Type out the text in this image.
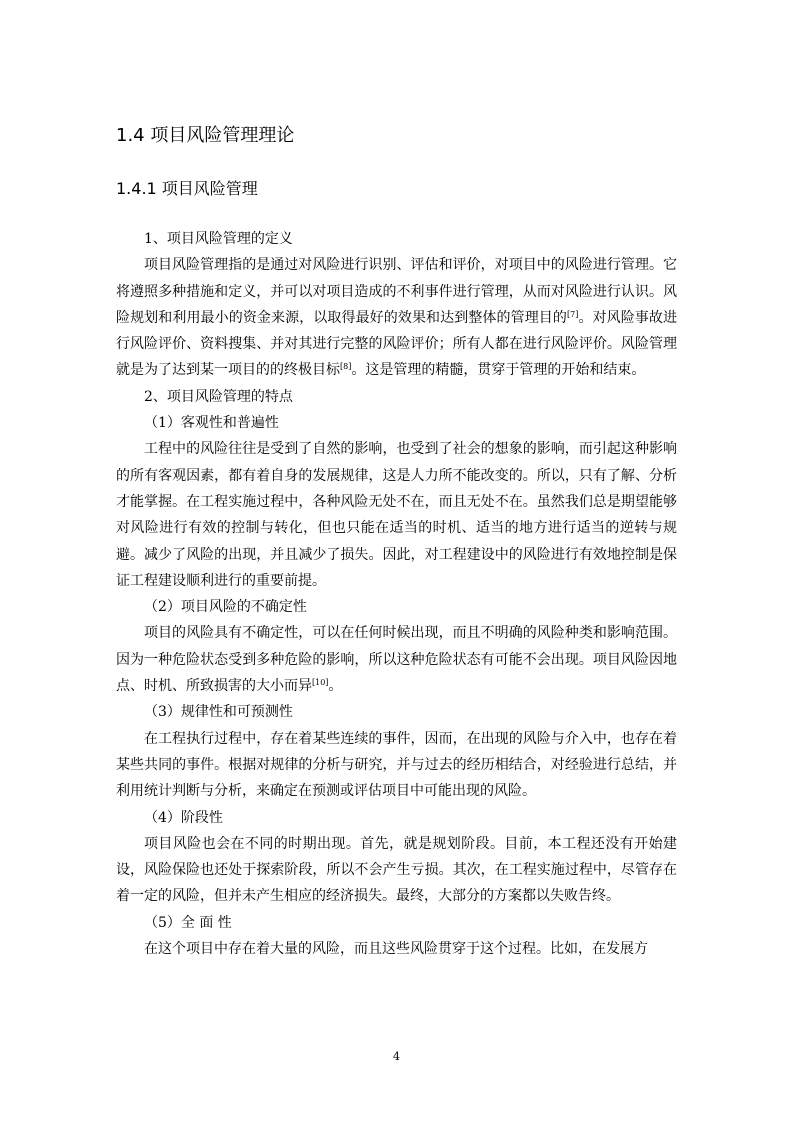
1.4 项目风险管理理论
1.4.1 项目风险管理

1、项目风险管理的定义

项目风险管理指的是通过对风险进行识别、评估和评价，对项目中的风险进行管理。它将遵照多种措施和定义，并可以对项目造成的不利事件进行管理，从而对风险进行认识。风险规划和利用最小的资金来源，以取得最好的效果和达到整体的管理目的[7]。对风险事故进行风险评价、资料搜集、并对其进行完整的风险评价；所有人都在进行风险评价。风险管理就是为了达到某一项目的的终极目标[8]。这是管理的精髓，贯穿于管理的开始和结束。

2、项目风险管理的特点

（1）客观性和普遍性

工程中的风险往往是受到了自然的影响，也受到了社会的想象的影响，而引起这种影响的所有客观因素，都有着自身的发展规律，这是人力所不能改变的。所以，只有了解、分析才能掌握。在工程实施过程中，各种风险无处不在，而且无处不在。虽然我们总是期望能够对风险进行有效的控制与转化，但也只能在适当的时机、适当的地方进行适当的逆转与规避。减少了风险的出现，并且减少了损失。因此，对工程建设中的风险进行有效地控制是保证工程建设顺利进行的重要前提。

（2）项目风险的不确定性

项目的风险具有不确定性，可以在任何时候出现，而且不明确的风险种类和影响范围。因为一种危险状态受到多种危险的影响，所以这种危险状态有可能不会出现。项目风险因地点、时机、所致损害的大小而异[10]。

（3）规律性和可预测性

在工程执行过程中，存在着某些连续的事件，因而，在出现的风险与介入中，也存在着某些共同的事件。根据对规律的分析与研究，并与过去的经历相结合，对经验进行总结，并利用统计判断与分析，来确定在预测或评估项目中可能出现的风险。

（4）阶段性

项目风险也会在不同的时期出现。首先，就是规划阶段。目前，本工程还没有开始建设，风险保险也还处于探索阶段，所以不会产生亏损。其次，在工程实施过程中，尽管存在着一定的风险，但并未产生相应的经济损失。最终，大部分的方案都以失败告终。

（5）全 面 性

在这个项目中存在着大量的风险，而且这些风险贯穿于这个过程。比如，在发展方

4
